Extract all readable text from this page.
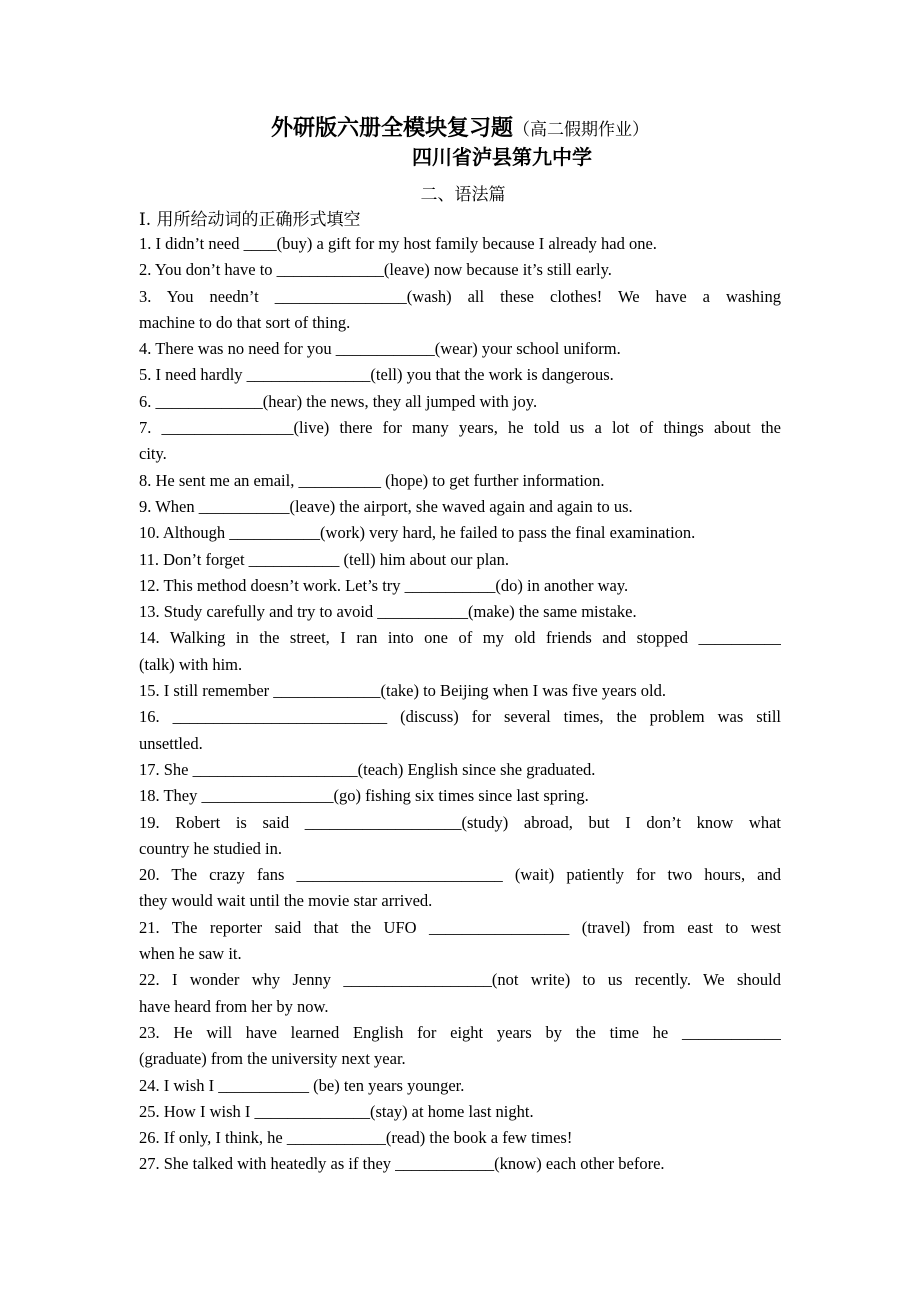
外研版六册全模块复习题（高二假期作业）
四川省泸县第九中学
二、语法篇
I. 用所给动词的正确形式填空
1. I didn’t need ____(buy) a gift for my host family because I already had one.
2. You don’t have to _____________(leave) now because it’s still early.
3. You needn’t ________________(wash) all these clothes! We have a washing
machine to do that sort of thing.
4. There was no need for you ____________(wear) your school uniform.
5. I need hardly _______________(tell) you that the work is dangerous.
6. _____________(hear) the news, they all jumped with joy.
7. ________________(live) there for many years, he told us a lot of things about the
city.
8. He sent me an email, __________ (hope) to get further information.
9. When ___________(leave) the airport, she waved again and again to us.
10. Although ___________(work) very hard, he failed to pass the final examination.
11. Don’t forget ___________ (tell) him about our plan.
12. This method doesn’t work. Let’s try ___________(do) in another way.
13. Study carefully and try to avoid ___________(make) the same mistake.
14. Walking in the street, I ran into one of my old friends and stopped __________
(talk) with him.
15. I still remember _____________(take) to Beijing when I was five years old.
16. __________________________ (discuss) for several times, the problem was still
unsettled.
17. She ____________________(teach) English since she graduated.
18. They ________________(go) fishing six times since last spring.
19. Robert is said ___________________(study) abroad, but I don’t know what
country he studied in.
20. The crazy fans _________________________ (wait) patiently for two hours, and
they would wait until the movie star arrived.
21. The reporter said that the UFO _________________ (travel) from east to west
when he saw it.
22. I wonder why Jenny __________________(not write) to us recently. We should
have heard from her by now.
23. He will have learned English for eight years by the time he ____________
(graduate) from the university next year.
24. I wish I ___________ (be) ten years younger.
25. How I wish I ______________(stay) at home last night.
26. If only, I think, he ____________(read) the book a few times!
27. She talked with heatedly as if they ____________(know) each other before.
